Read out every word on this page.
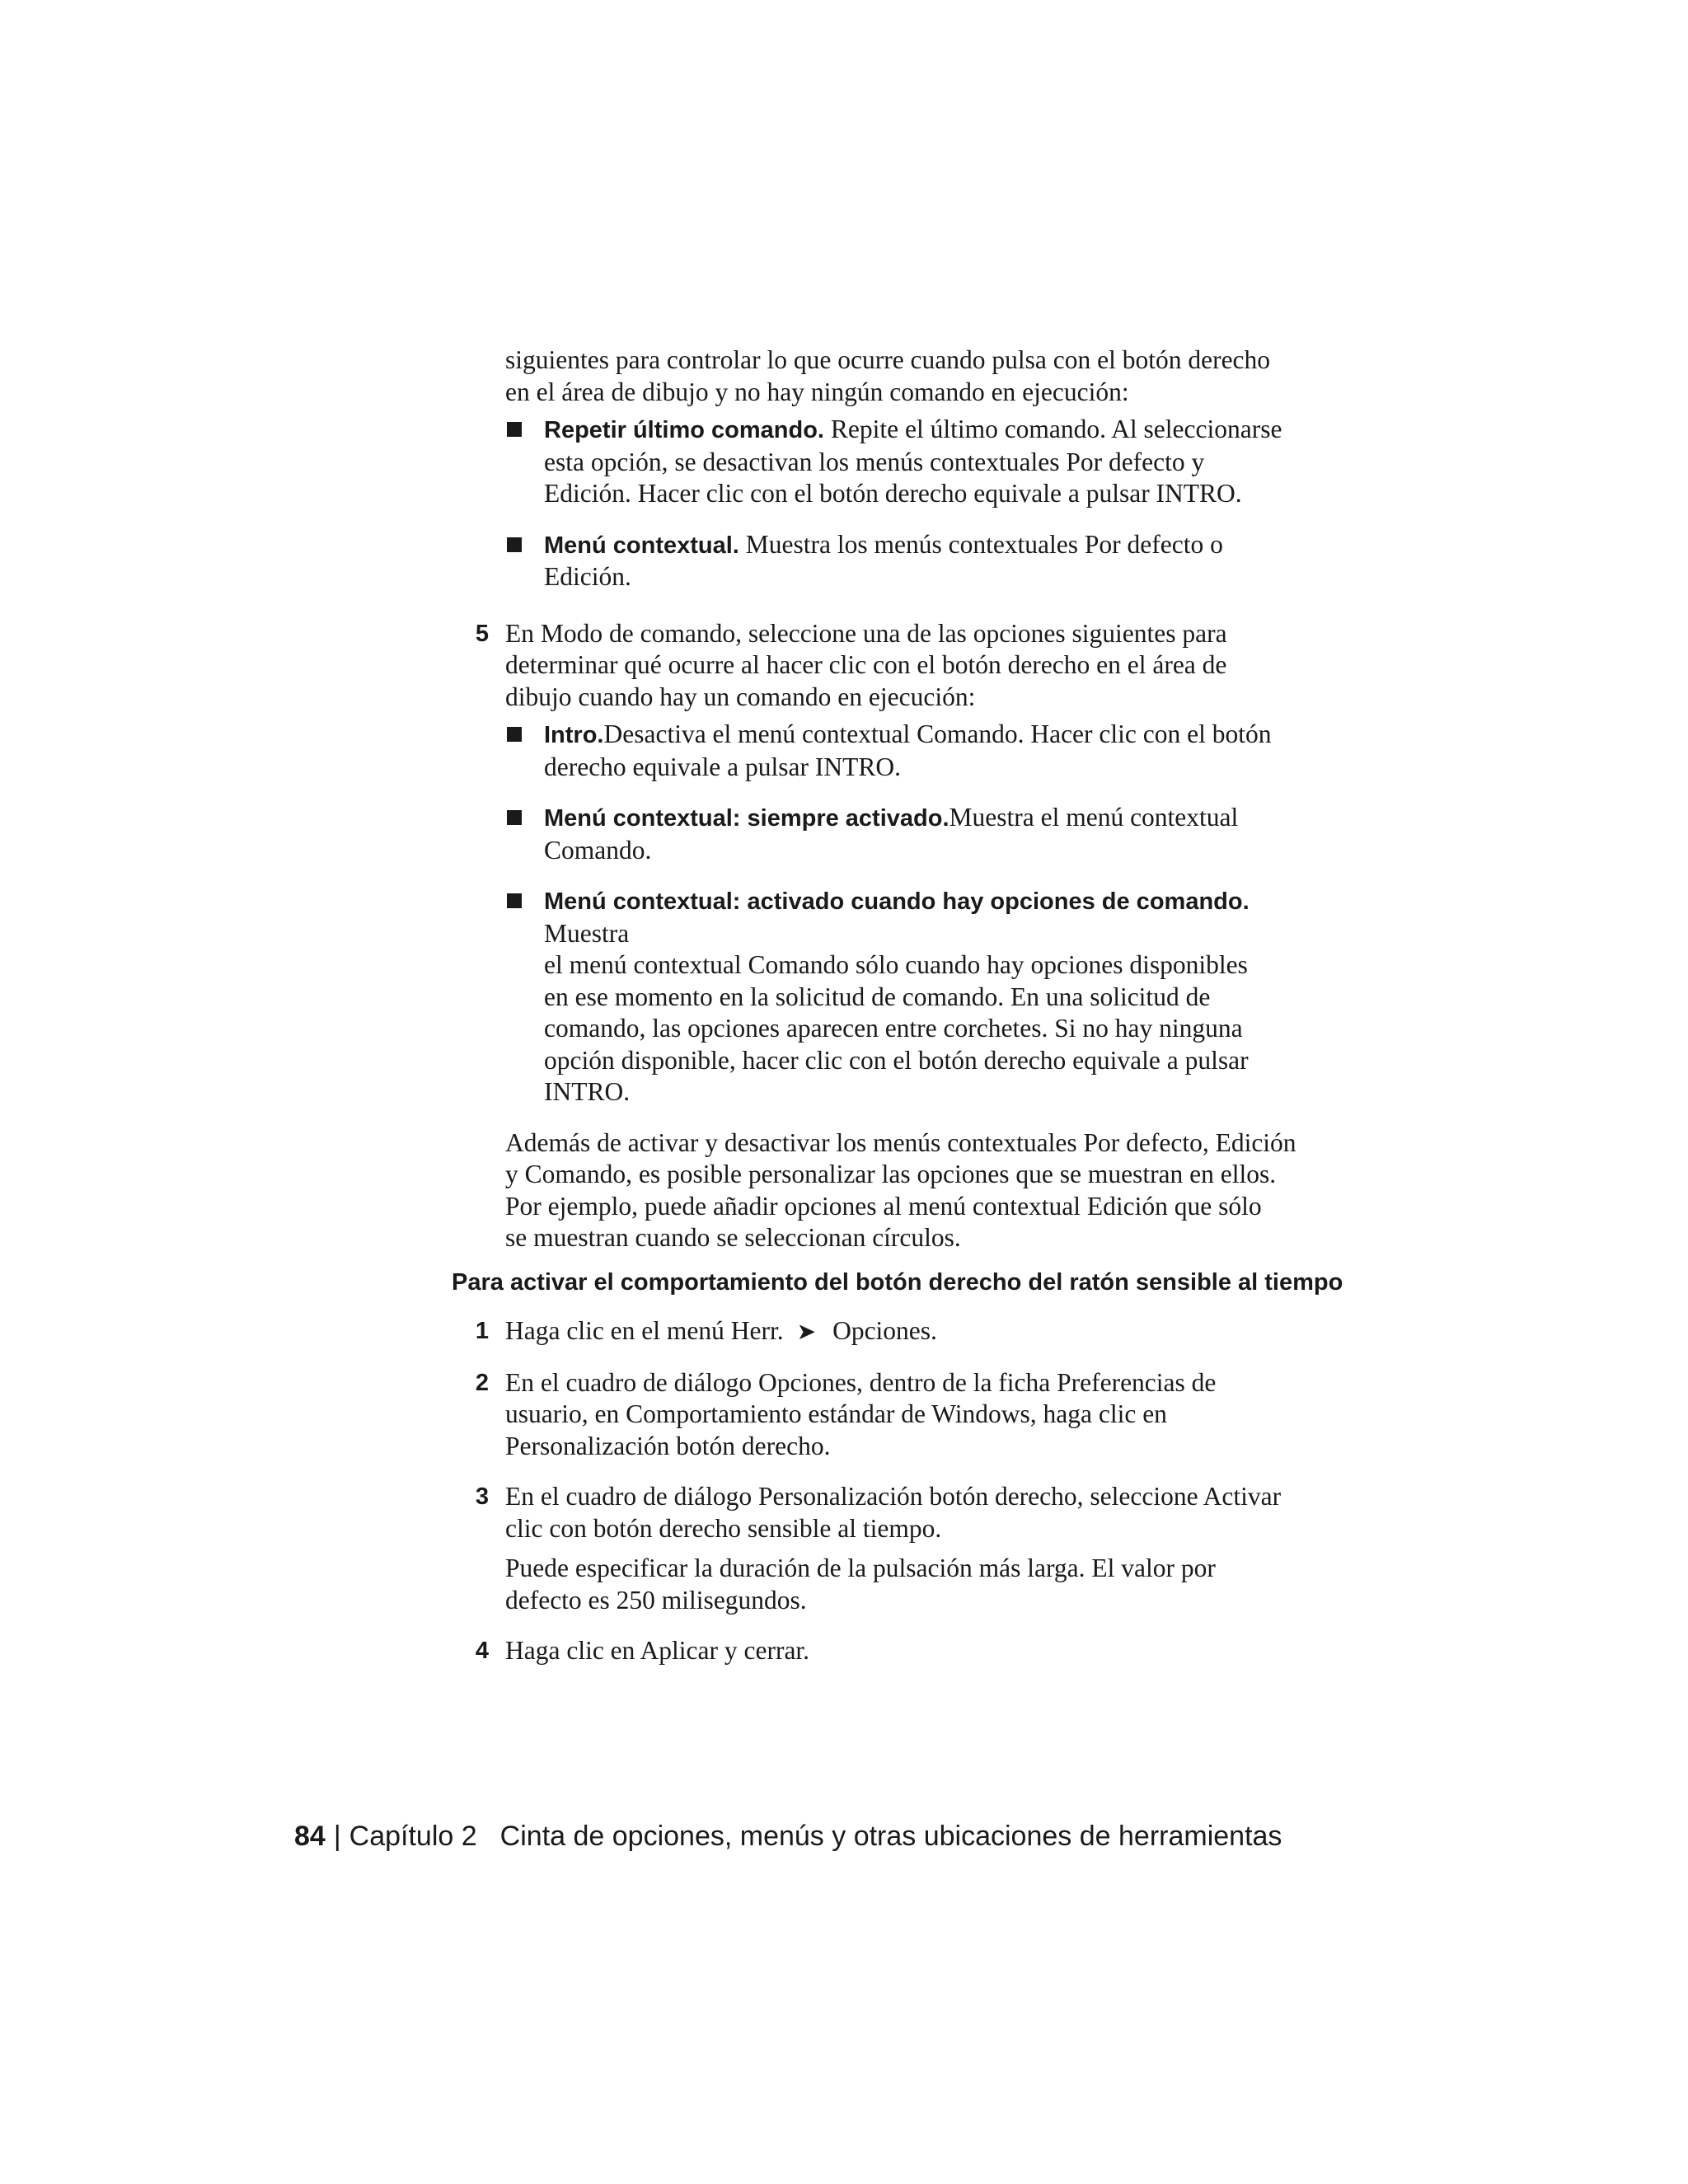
siguientes para controlar lo que ocurre cuando pulsa con el botón derecho
en el área de dibujo y no hay ningún comando en ejecución:

Repetir último comando. Repite el último comando. Al seleccionarse
esta opción, se desactivan los menús contextuales Por defecto y
Edición. Hacer clic con el botón derecho equivale a pulsar INTRO.
Menú contextual. Muestra los menús contextuales Por defecto o
Edición.
5 En Modo de comando, seleccione una de las opciones siguientes para
determinar qué ocurre al hacer clic con el botón derecho en el área de
dibujo cuando hay un comando en ejecución:
Intro.Desactiva el menú contextual Comando. Hacer clic con el botón
derecho equivale a pulsar INTRO.
Menú contextual: siempre activado.Muestra el menú contextual
Comando.
Menú contextual: activado cuando hay opciones de comando. Muestra
el menú contextual Comando sólo cuando hay opciones disponibles
en ese momento en la solicitud de comando. En una solicitud de
comando, las opciones aparecen entre corchetes. Si no hay ninguna
opción disponible, hacer clic con el botón derecho equivale a pulsar
INTRO.

Además de activar y desactivar los menús contextuales Por defecto, Edición
y Comando, es posible personalizar las opciones que se muestran en ellos.
Por ejemplo, puede añadir opciones al menú contextual Edición que sólo
se muestran cuando se seleccionan círculos.

Para activar el comportamiento del botón derecho del ratón sensible al tiempo
1 Haga clic en el menú Herr. ➤ Opciones.
2 En el cuadro de diálogo Opciones, dentro de la ficha Preferencias de
usuario, en Comportamiento estándar de Windows, haga clic en
Personalización botón derecho.
3 En el cuadro de diálogo Personalización botón derecho, seleccione Activar
clic con botón derecho sensible al tiempo.
Puede especificar la duración de la pulsación más larga. El valor por
defecto es 250 milisegundos.
4 Haga clic en Aplicar y cerrar.
84 | Capítulo 2 Cinta de opciones, menús y otras ubicaciones de herramientas
